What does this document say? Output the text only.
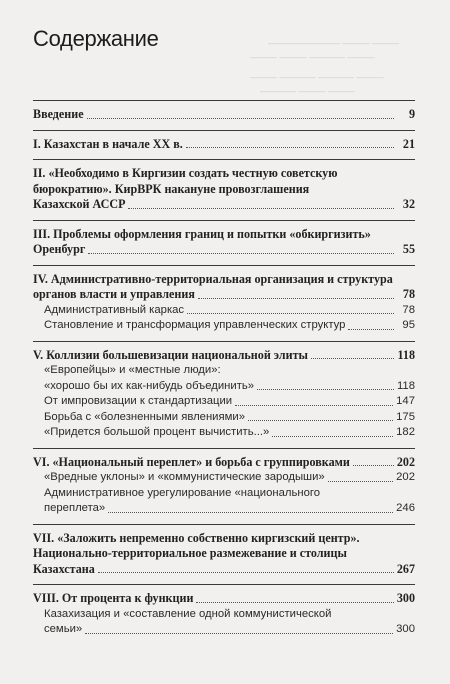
———————— ——— ———
——— ——— ———— ———
——— ———— ———— ———
———— ——— ———
Содержание
Введение	9
I. Казахстан в начале XX в.	21
II. «Необходимо в Киргизии создать честную советскую
бюрократию». КирВРК накануне провозглашения
Казахской АССР	32
III. Проблемы оформления границ и попытки «обкиргизить»
Оренбург	55
IV. Административно-территориальная организация и структура
органов власти и управления	78
Административный каркас	78
Становление и трансформация управленческих структур	95
V. Коллизии большевизации национальной элиты	118
«Европейцы» и «местные люди»:
«хорошо бы их как-нибудь объединить»	118
От импровизации к стандартизации	147
Борьба с «болезненными явлениями»	175
«Придется большой процент вычистить...»	182
VI. «Национальный переплет» и борьба с группировками	202
«Вредные уклоны» и «коммунистические зародыши»	202
Административное урегулирование «национального
переплета»	246
VII. «Заложить непременно собственно киргизский центр».
Национально-территориальное размежевание и столицы
Казахстана	267
VIII. От процента к функции	300
Казахизация и «составление одной коммунистической
семьи»	300
